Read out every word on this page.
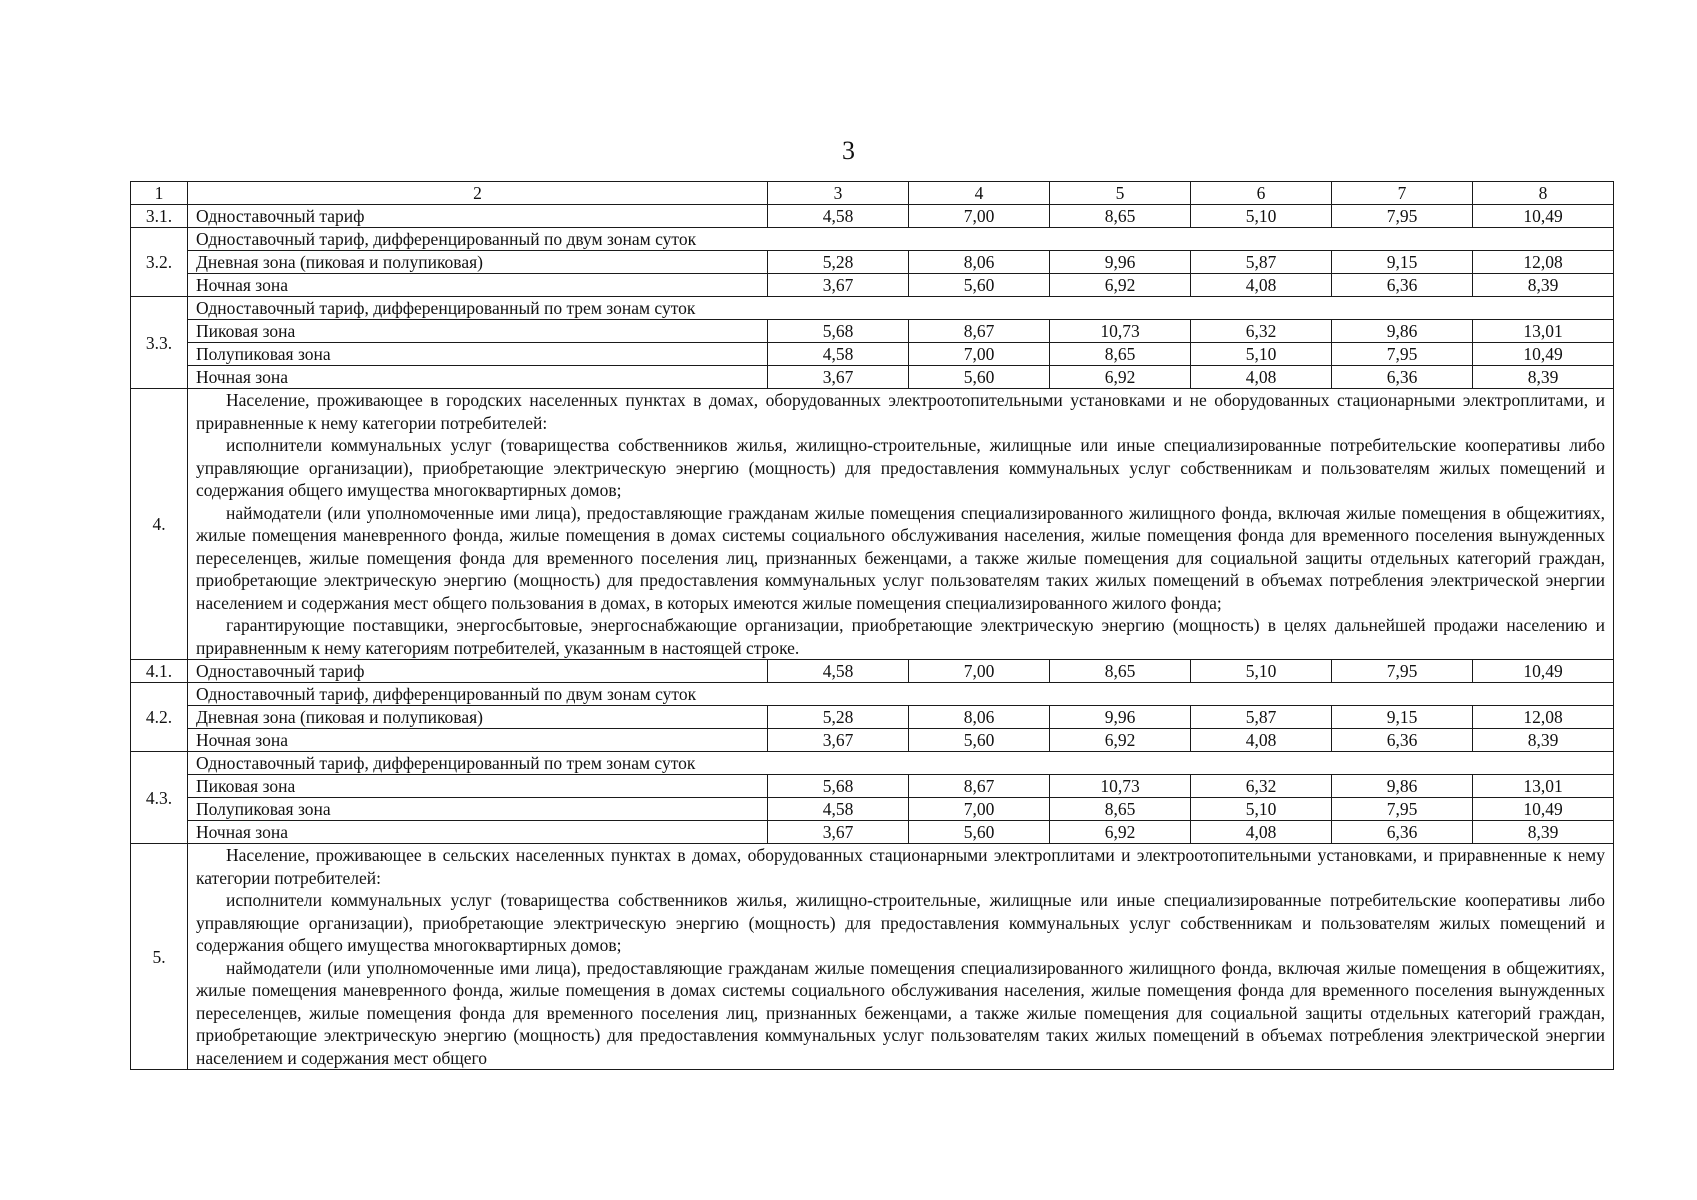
3
1	2	3	4	5	6	7	8
3.1.	Одноставочный тариф	4,58	7,00	8,65	5,10	7,95	10,49
3.2.	Одноставочный тариф, дифференцированный по двум зонам суток						
	Дневная зона (пиковая и полупиковая)	5,28	8,06	9,96	5,87	9,15	12,08
	Ночная зона	3,67	5,60	6,92	4,08	6,36	8,39
3.3.	Одноставочный тариф, дифференцированный по трем зонам суток						
	Пиковая зона	5,68	8,67	10,73	6,32	9,86	13,01
	Полупиковая зона	4,58	7,00	8,65	5,10	7,95	10,49
	Ночная зона	3,67	5,60	6,92	4,08	6,36	8,39
4.	Население, проживающее в городских населенных пунктах в домах, оборудованных электроотопительными установками и не оборудованных стационарными электроплитами, и приравненные к нему категории потребителей:

исполнители коммунальных услуг (товарищества собственников жилья, жилищно-строительные, жилищные или иные специализированные потребительские кооперативы либо управляющие организации), приобретающие электрическую энергию (мощность) для предоставления коммунальных услуг собственникам и пользователям жилых помещений и содержания общего имущества многоквартирных домов;

наймодатели (или уполномоченные ими лица), предоставляющие гражданам жилые помещения специализированного жилищного фонда, включая жилые помещения в общежитиях, жилые помещения маневренного фонда, жилые помещения в домах системы социального обслуживания населения, жилые помещения фонда для временного поселения вынужденных переселенцев, жилые помещения фонда для временного поселения лиц, признанных беженцами, а также жилые помещения для социальной защиты отдельных категорий граждан, приобретающие электрическую энергию (мощность) для предоставления коммунальных услуг пользователям таких жилых помещений в объемах потребления электрической энергии населением и содержания мест общего пользования в домах, в которых имеются жилые помещения специализированного жилого фонда;

гарантирующие поставщики, энергосбытовые, энергоснабжающие организации, приобретающие электрическую энергию (мощность) в целях дальнейшей продажи населению и приравненным к нему категориям потребителей, указанным в настоящей строке.						

4.1.	Одноставочный тариф	4,58	7,00	8,65	5,10	7,95	10,49
4.2.	Одноставочный тариф, дифференцированный по двум зонам суток						
	Дневная зона (пиковая и полупиковая)	5,28	8,06	9,96	5,87	9,15	12,08
	Ночная зона	3,67	5,60	6,92	4,08	6,36	8,39
4.3.	Одноставочный тариф, дифференцированный по трем зонам суток						
	Пиковая зона	5,68	8,67	10,73	6,32	9,86	13,01
	Полупиковая зона	4,58	7,00	8,65	5,10	7,95	10,49
	Ночная зона	3,67	5,60	6,92	4,08	6,36	8,39
5.	Население, проживающее в сельских населенных пунктах в домах, оборудованных стационарными электроплитами и электроотопительными установками, и приравненные к нему категории потребителей:

исполнители коммунальных услуг (товарищества собственников жилья, жилищно-строительные, жилищные или иные специализированные потребительские кооперативы либо управляющие организации), приобретающие электрическую энергию (мощность) для предоставления коммунальных услуг собственникам и пользователям жилых помещений и содержания общего имущества многоквартирных домов;

наймодатели (или уполномоченные ими лица), предоставляющие гражданам жилые помещения специализированного жилищного фонда, включая жилые помещения в общежитиях, жилые помещения маневренного фонда, жилые помещения в домах системы социального обслуживания населения, жилые помещения фонда для временного поселения вынужденных переселенцев, жилые помещения фонда для временного поселения лиц, признанных беженцами, а также жилые помещения для социальной защиты отдельных категорий граждан, приобретающие электрическую энергию (мощность) для предоставления коммунальных услуг пользователям таких жилых помещений в объемах потребления электрической энергии населением и содержания мест общего						
